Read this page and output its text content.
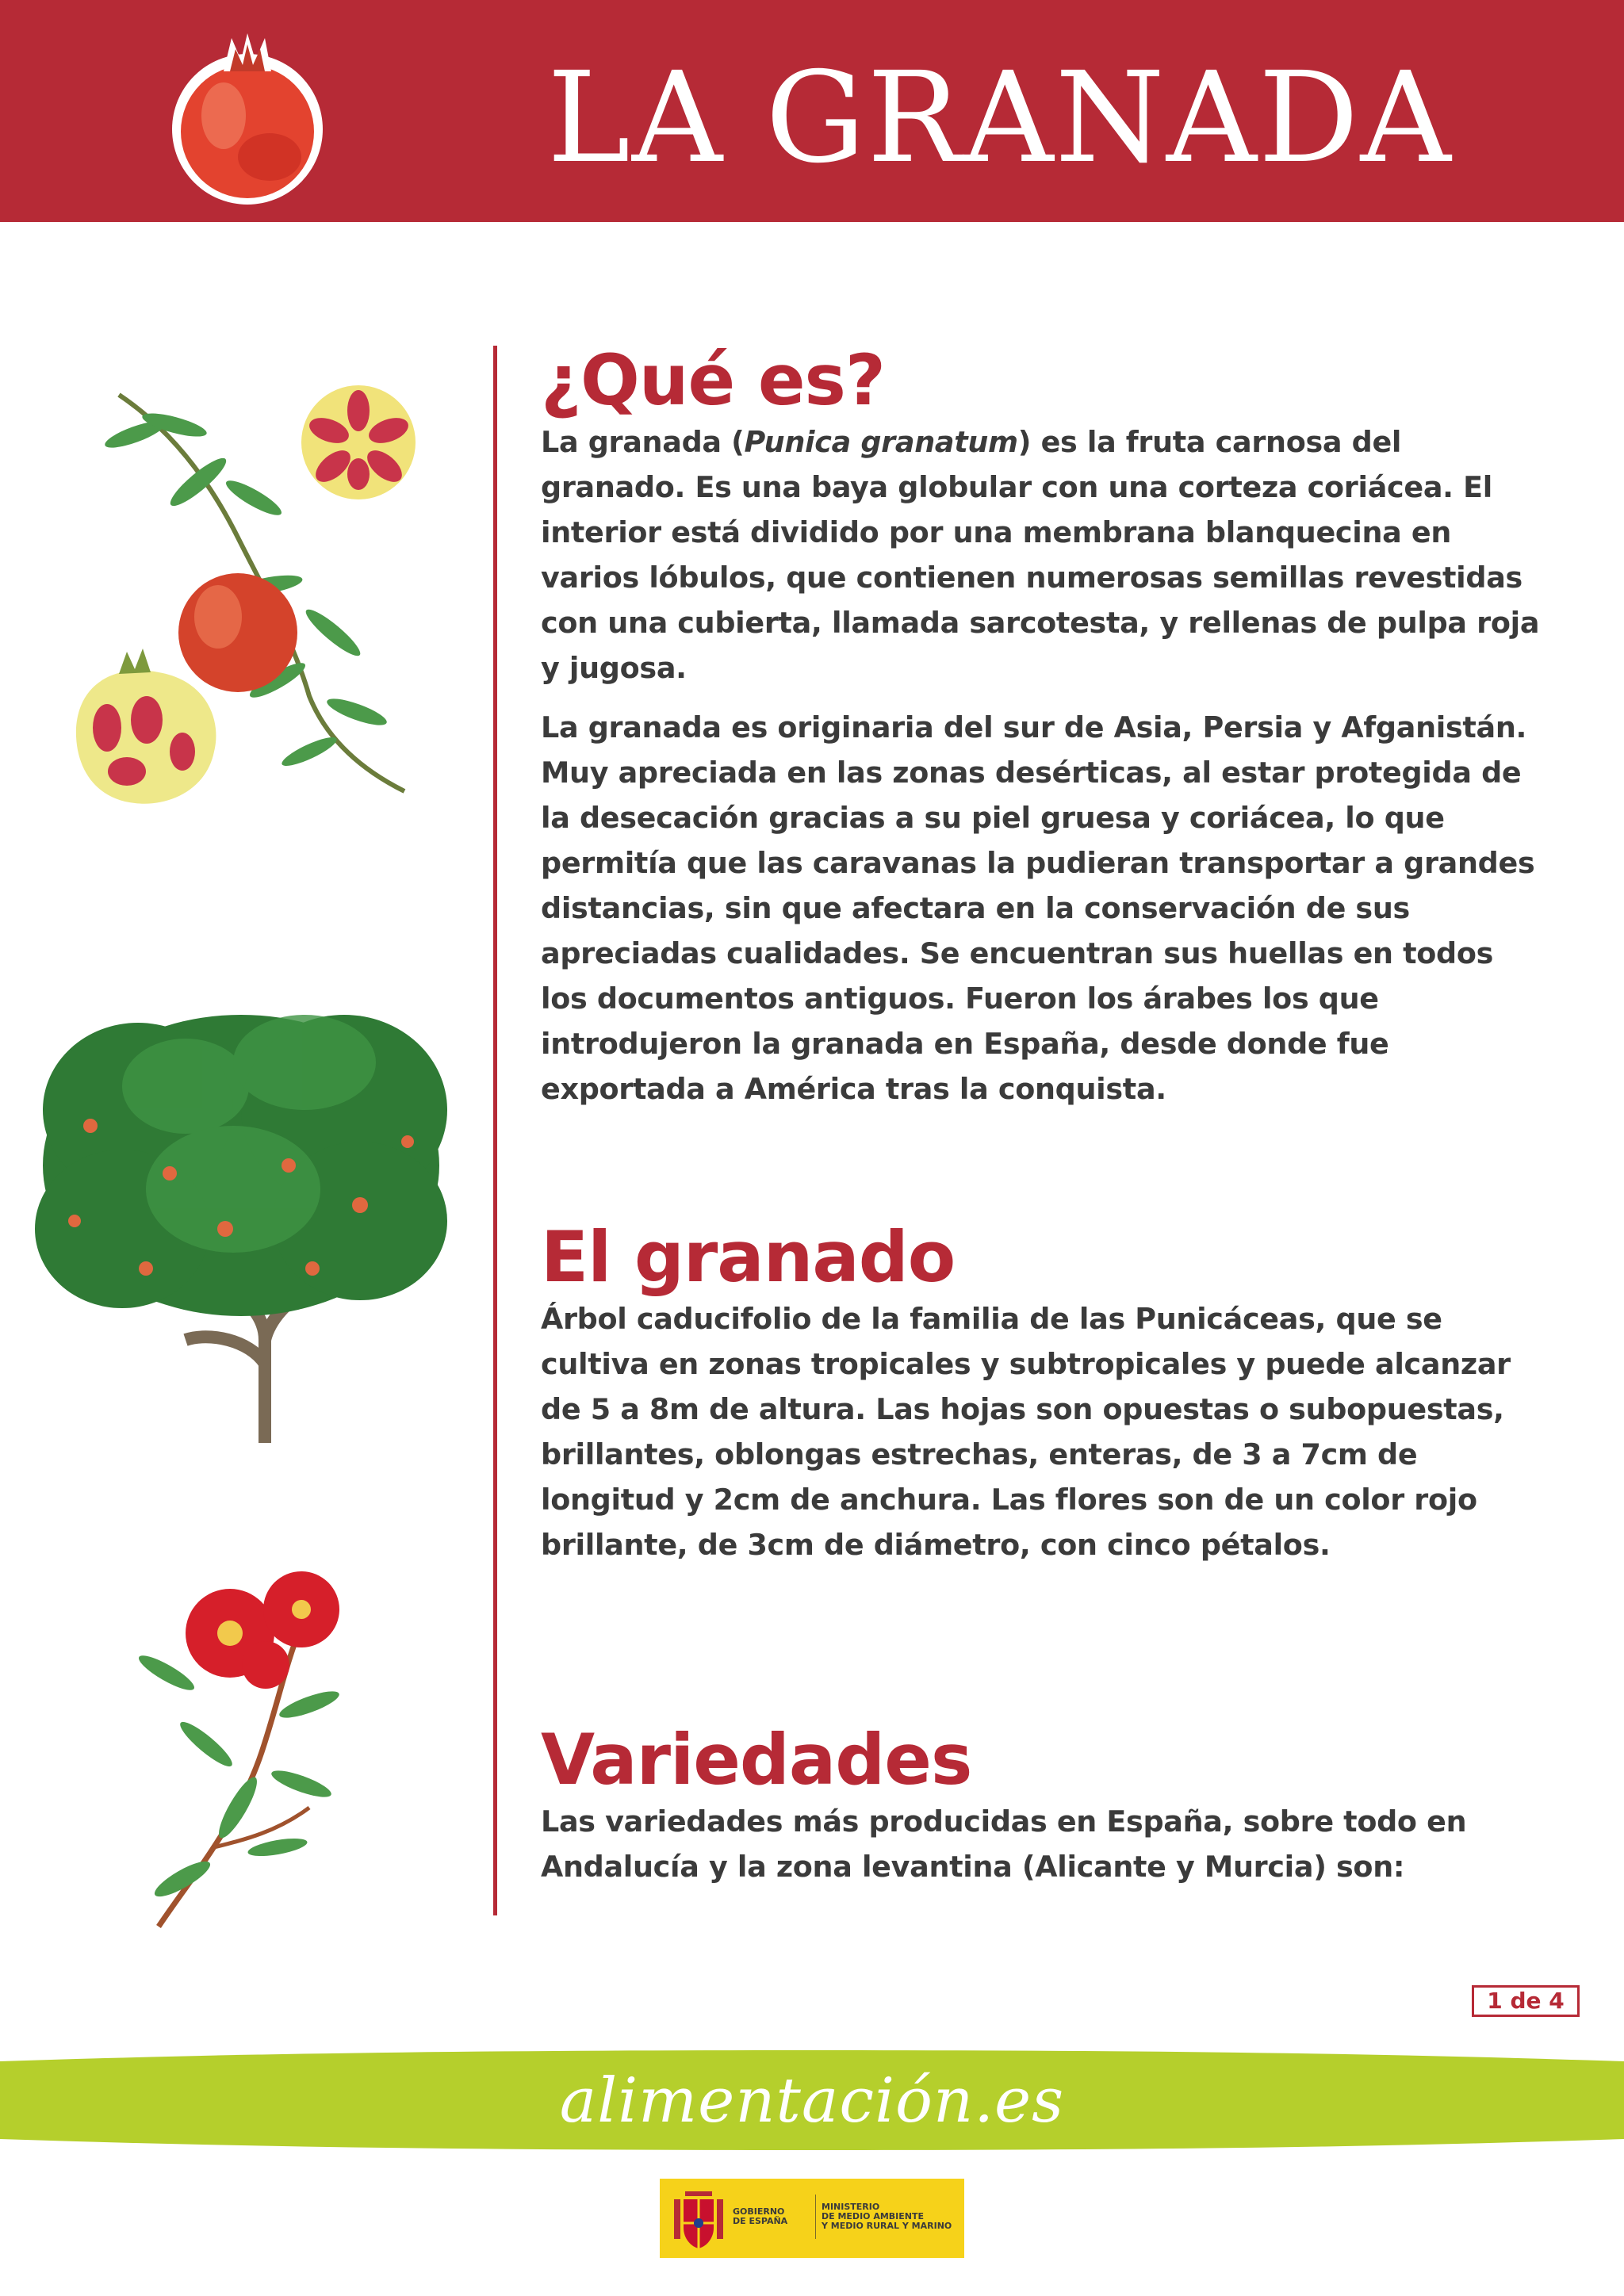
LA GRANADA
¿Qué es?

La granada (Punica granatum) es la fruta carnosa del granado. Es una baya globular con una corteza coriácea. El interior está dividido por una membrana blanquecina en varios lóbulos, que contienen numerosas semillas revestidas con una cubierta, llamada sarcotesta, y rellenas de pulpa roja y jugosa.

La granada es originaria del sur de Asia, Persia y Afganistán. Muy apreciada en las zonas desérticas, al estar protegida de la desecación gracias a su piel gruesa y coriácea, lo que permitía que las caravanas la pudieran transportar a grandes distancias, sin que afectara en la conservación de sus apreciadas cualidades. Se encuentran sus huellas en todos los documentos antiguos. Fueron los árabes los que introdujeron la granada en España, desde donde fue exportada a América tras la conquista.

El granado

Árbol caducifolio de la familia de las Punicáceas, que se cultiva en zonas tropicales y subtropicales y puede alcanzar de 5 a 8m de altura. Las hojas son opuestas o subopuestas, brillantes, oblongas estrechas, enteras, de 3 a 7cm de longitud y 2cm de anchura. Las flores son de un color rojo brillante, de 3cm de diámetro, con cinco pétalos.

Variedades

Las variedades más producidas en España, sobre todo en Andalucía y la zona levantina (Alicante y Murcia) son:

1 de 4
alimentación.es
GOBIERNO
DE ESPAÑA
MINISTERIO
DE MEDIO AMBIENTE
Y MEDIO RURAL Y MARINO
